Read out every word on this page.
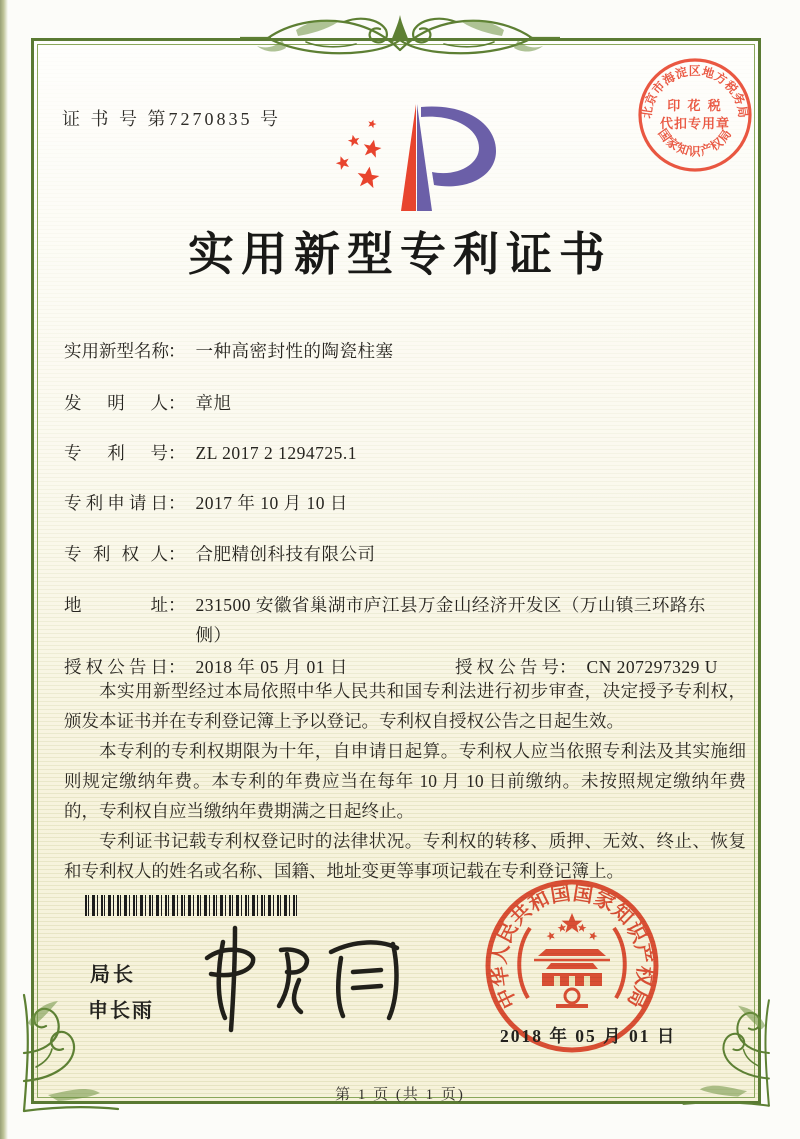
证 书 号 第7270835 号
实用新型专利证书
实用新型名称： 一种高密封性的陶瓷柱塞
发明人： 章旭
专利号： ZL 2017 2 1294725.1
专利申请日： 2017 年 10 月 10 日
专利权人： 合肥精创科技有限公司
地址： 231500 安徽省巢湖市庐江县万金山经济开发区（万山镇三环路东侧）
授权公告日： 2018 年 05 月 01 日	授权公告号： CN 207297329 U

本实用新型经过本局依照中华人民共和国专利法进行初步审查，决定授予专利权，颁发本证书并在专利登记簿上予以登记。专利权自授权公告之日起生效。

本专利的专利权期限为十年，自申请日起算。专利权人应当依照专利法及其实施细则规定缴纳年费。本专利的年费应当在每年 10 月 10 日前缴纳。未按照规定缴纳年费的，专利权自应当缴纳年费期满之日起终止。

专利证书记载专利权登记时的法律状况。专利权的转移、质押、无效、终止、恢复和专利权人的姓名或名称、国籍、地址变更等事项记载在专利登记簿上。

局长
申长雨	中华人民共和国国家知识产权局
2018 年 05 月 01 日
北京市海淀区地方税务局
国家知识产权局
印 花 税
代扣专用章
第 1 页 (共 1 页)
